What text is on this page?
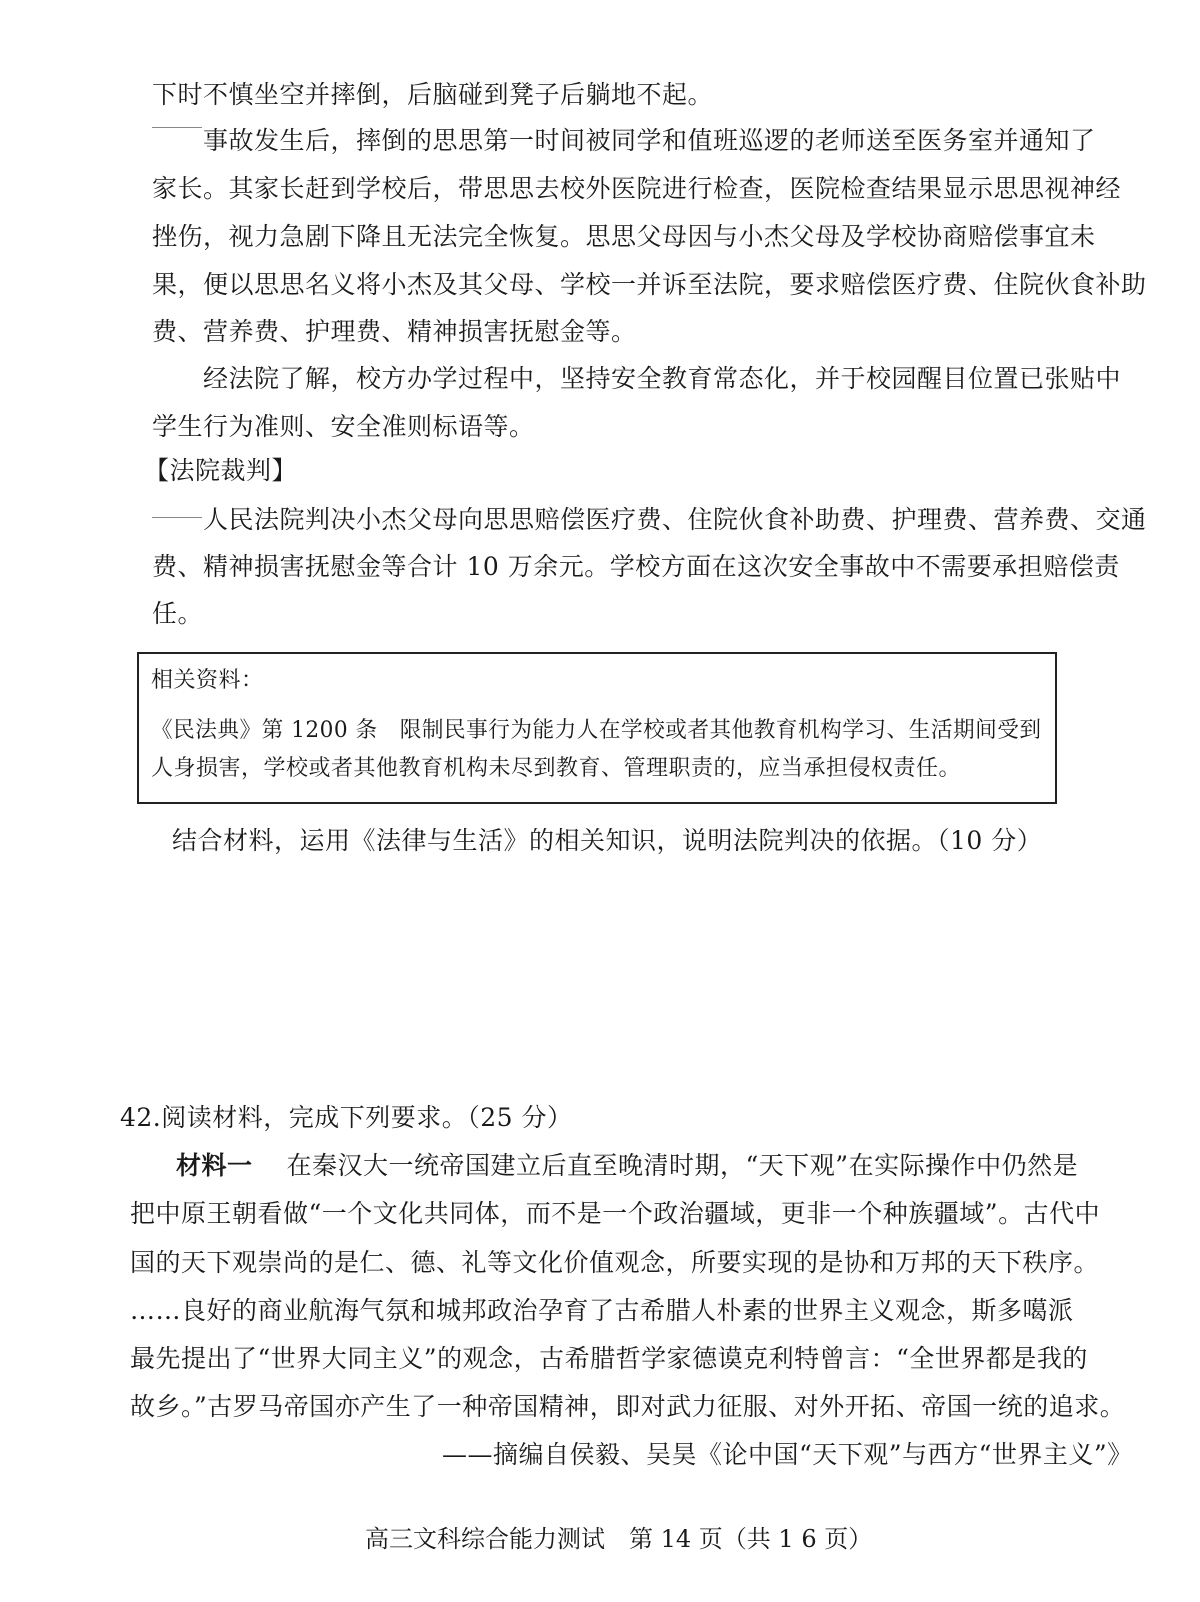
下时不慎坐空并摔倒，后脑碰到凳子后躺地不起。
事故发生后，摔倒的思思第一时间被同学和值班巡逻的老师送至医务室并通知了
家长。其家长赶到学校后，带思思去校外医院进行检查，医院检查结果显示思思视神经
挫伤，视力急剧下降且无法完全恢复。思思父母因与小杰父母及学校协商赔偿事宜未
果，便以思思名义将小杰及其父母、学校一并诉至法院，要求赔偿医疗费、住院伙食补助
费、营养费、护理费、精神损害抚慰金等。
经法院了解，校方办学过程中，坚持安全教育常态化，并于校园醒目位置已张贴中
学生行为准则、安全准则标语等。
【法院裁判】
人民法院判决小杰父母向思思赔偿医疗费、住院伙食补助费、护理费、营养费、交通
费、精神损害抚慰金等合计 10 万余元。学校方面在这次安全事故中不需要承担赔偿责
任。
相关资料：
《民法典》第 1200 条　限制民事行为能力人在学校或者其他教育机构学习、生活期间受到
人身损害，学校或者其他教育机构未尽到教育、管理职责的，应当承担侵权责任。
结合材料，运用《法律与生活》的相关知识，说明法院判决的依据。（10 分）
42.阅读材料，完成下列要求。（25 分）
材料一 在秦汉大一统帝国建立后直至晚清时期，“天下观”在实际操作中仍然是
把中原王朝看做“一个文化共同体，而不是一个政治疆域，更非一个种族疆域”。古代中
国的天下观崇尚的是仁、德、礼等文化价值观念，所要实现的是协和万邦的天下秩序。
……良好的商业航海气氛和城邦政治孕育了古希腊人朴素的世界主义观念，斯多噶派
最先提出了“世界大同主义”的观念，古希腊哲学家德谟克利特曾言：“全世界都是我的
故乡。”古罗马帝国亦产生了一种帝国精神，即对武力征服、对外开拓、帝国一统的追求。
——摘编自侯毅、吴昊《论中国“天下观”与西方“世界主义”》
高三文科综合能力测试　第 14 页（共 1 6 页）
